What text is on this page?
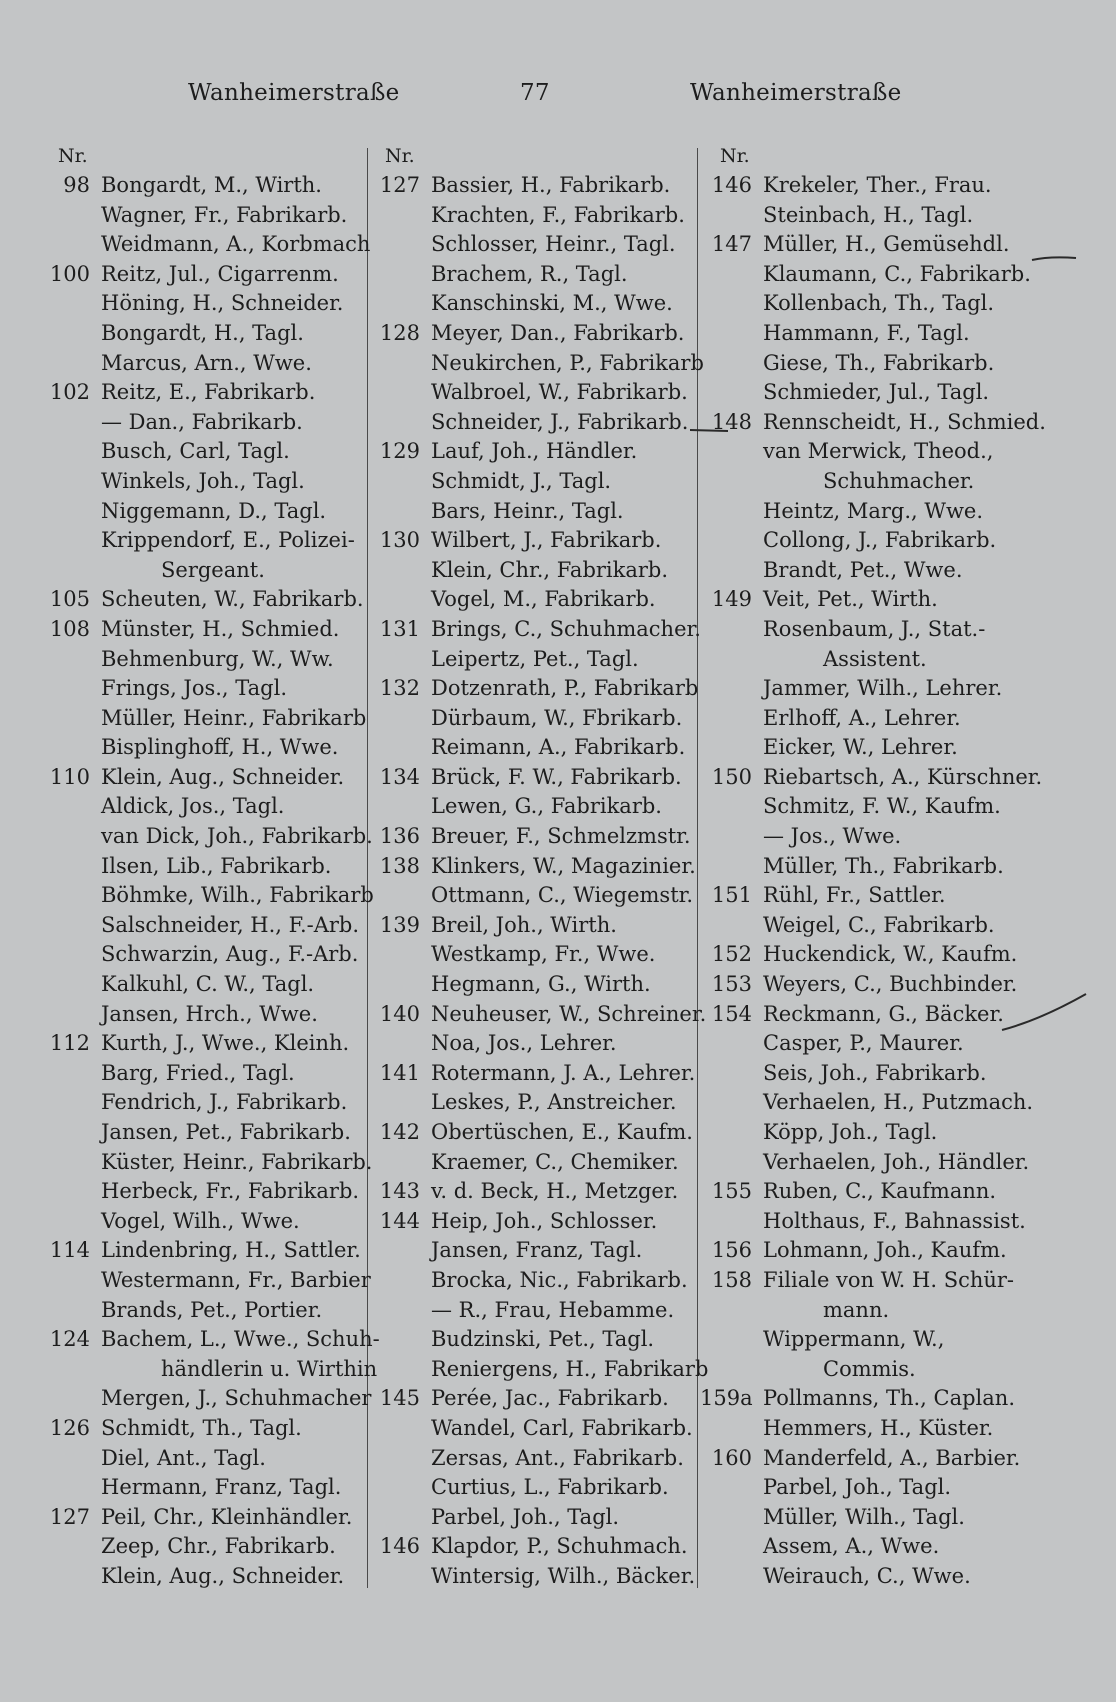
Wanheimerstraße	77	Wanheimerstraße
Nr.	Nr.	Nr.
98 Bongardt, M., Wirth.
Wagner, Fr., Fabrikarb.
Weidmann, A., Korbmach
100 Reitz, Jul., Cigarrenm.
Höning, H., Schneider.
Bongardt, H., Tagl.
Marcus, Arn., Wwe.
102 Reitz, E., Fabrikarb.
— Dan., Fabrikarb.
Busch, Carl, Tagl.
Winkels, Joh., Tagl.
Niggemann, D., Tagl.
Krippendorf, E., Polizei-
Sergeant.
105 Scheuten, W., Fabrikarb.
108 Münster, H., Schmied.
Behmenburg, W., Ww.
Frings, Jos., Tagl.
Müller, Heinr., Fabrikarb
Bisplinghoff, H., Wwe.
110 Klein, Aug., Schneider.
Aldick, Jos., Tagl.
van Dick, Joh., Fabrikarb.
Ilsen, Lib., Fabrikarb.
Böhmke, Wilh., Fabrikarb
Salschneider, H., F.-Arb.
Schwarzin, Aug., F.-Arb.
Kalkuhl, C. W., Tagl.
Jansen, Hrch., Wwe.
112 Kurth, J., Wwe., Kleinh.
Barg, Fried., Tagl.
Fendrich, J., Fabrikarb.
Jansen, Pet., Fabrikarb.
Küster, Heinr., Fabrikarb.
Herbeck, Fr., Fabrikarb.
Vogel, Wilh., Wwe.
114 Lindenbring, H., Sattler.
Westermann, Fr., Barbier
Brands, Pet., Portier.
124 Bachem, L., Wwe., Schuh-
händlerin u. Wirthin
Mergen, J., Schuhmacher
126 Schmidt, Th., Tagl.
Diel, Ant., Tagl.
Hermann, Franz, Tagl.
127 Peil, Chr., Kleinhändler.
Zeep, Chr., Fabrikarb.
Klein, Aug., Schneider.
127 Bassier, H., Fabrikarb.
Krachten, F., Fabrikarb.
Schlosser, Heinr., Tagl.
Brachem, R., Tagl.
Kanschinski, M., Wwe.
128 Meyer, Dan., Fabrikarb.
Neukirchen, P., Fabrikarb
Walbroel, W., Fabrikarb.
Schneider, J., Fabrikarb.
129 Lauf, Joh., Händler.
Schmidt, J., Tagl.
Bars, Heinr., Tagl.
130 Wilbert, J., Fabrikarb.
Klein, Chr., Fabrikarb.
Vogel, M., Fabrikarb.
131 Brings, C., Schuhmacher.
Leipertz, Pet., Tagl.
132 Dotzenrath, P., Fabrikarb
Dürbaum, W., Fbrikarb.
Reimann, A., Fabrikarb.
134 Brück, F. W., Fabrikarb.
Lewen, G., Fabrikarb.
136 Breuer, F., Schmelzmstr.
138 Klinkers, W., Magazinier.
Ottmann, C., Wiegemstr.
139 Breil, Joh., Wirth.
Westkamp, Fr., Wwe.
Hegmann, G., Wirth.
140 Neuheuser, W., Schreiner.
Noa, Jos., Lehrer.
141 Rotermann, J. A., Lehrer.
Leskes, P., Anstreicher.
142 Obertüschen, E., Kaufm.
Kraemer, C., Chemiker.
143 v. d. Beck, H., Metzger.
144 Heip, Joh., Schlosser.
Jansen, Franz, Tagl.
Brocka, Nic., Fabrikarb.
— R., Frau, Hebamme.
Budzinski, Pet., Tagl.
Reniergens, H., Fabrikarb
145 Perée, Jac., Fabrikarb.
Wandel, Carl, Fabrikarb.
Zersas, Ant., Fabrikarb.
Curtius, L., Fabrikarb.
Parbel, Joh., Tagl.
146 Klapdor, P., Schuhmach.
Wintersig, Wilh., Bäcker.
146 Krekeler, Ther., Frau.
Steinbach, H., Tagl.
147 Müller, H., Gemüsehdl.
Klaumann, C., Fabrikarb.
Kollenbach, Th., Tagl.
Hammann, F., Tagl.
Giese, Th., Fabrikarb.
Schmieder, Jul., Tagl.
148 Rennscheidt, H., Schmied.
van Merwick, Theod.,
Schuhmacher.
Heintz, Marg., Wwe.
Collong, J., Fabrikarb.
Brandt, Pet., Wwe.
149 Veit, Pet., Wirth.
Rosenbaum, J., Stat.-
Assistent.
Jammer, Wilh., Lehrer.
Erlhoff, A., Lehrer.
Eicker, W., Lehrer.
150 Riebartsch, A., Kürschner.
Schmitz, F. W., Kaufm.
— Jos., Wwe.
Müller, Th., Fabrikarb.
151 Rühl, Fr., Sattler.
Weigel, C., Fabrikarb.
152 Huckendick, W., Kaufm.
153 Weyers, C., Buchbinder.
154 Reckmann, G., Bäcker.
Casper, P., Maurer.
Seis, Joh., Fabrikarb.
Verhaelen, H., Putzmach.
Köpp, Joh., Tagl.
Verhaelen, Joh., Händler.
155 Ruben, C., Kaufmann.
Holthaus, F., Bahnassist.
156 Lohmann, Joh., Kaufm.
158 Filiale von W. H. Schür-
mann.
Wippermann, W.,
Commis.
159a Pollmanns, Th., Caplan.
Hemmers, H., Küster.
160 Manderfeld, A., Barbier.
Parbel, Joh., Tagl.
Müller, Wilh., Tagl.
Assem, A., Wwe.
Weirauch, C., Wwe.
